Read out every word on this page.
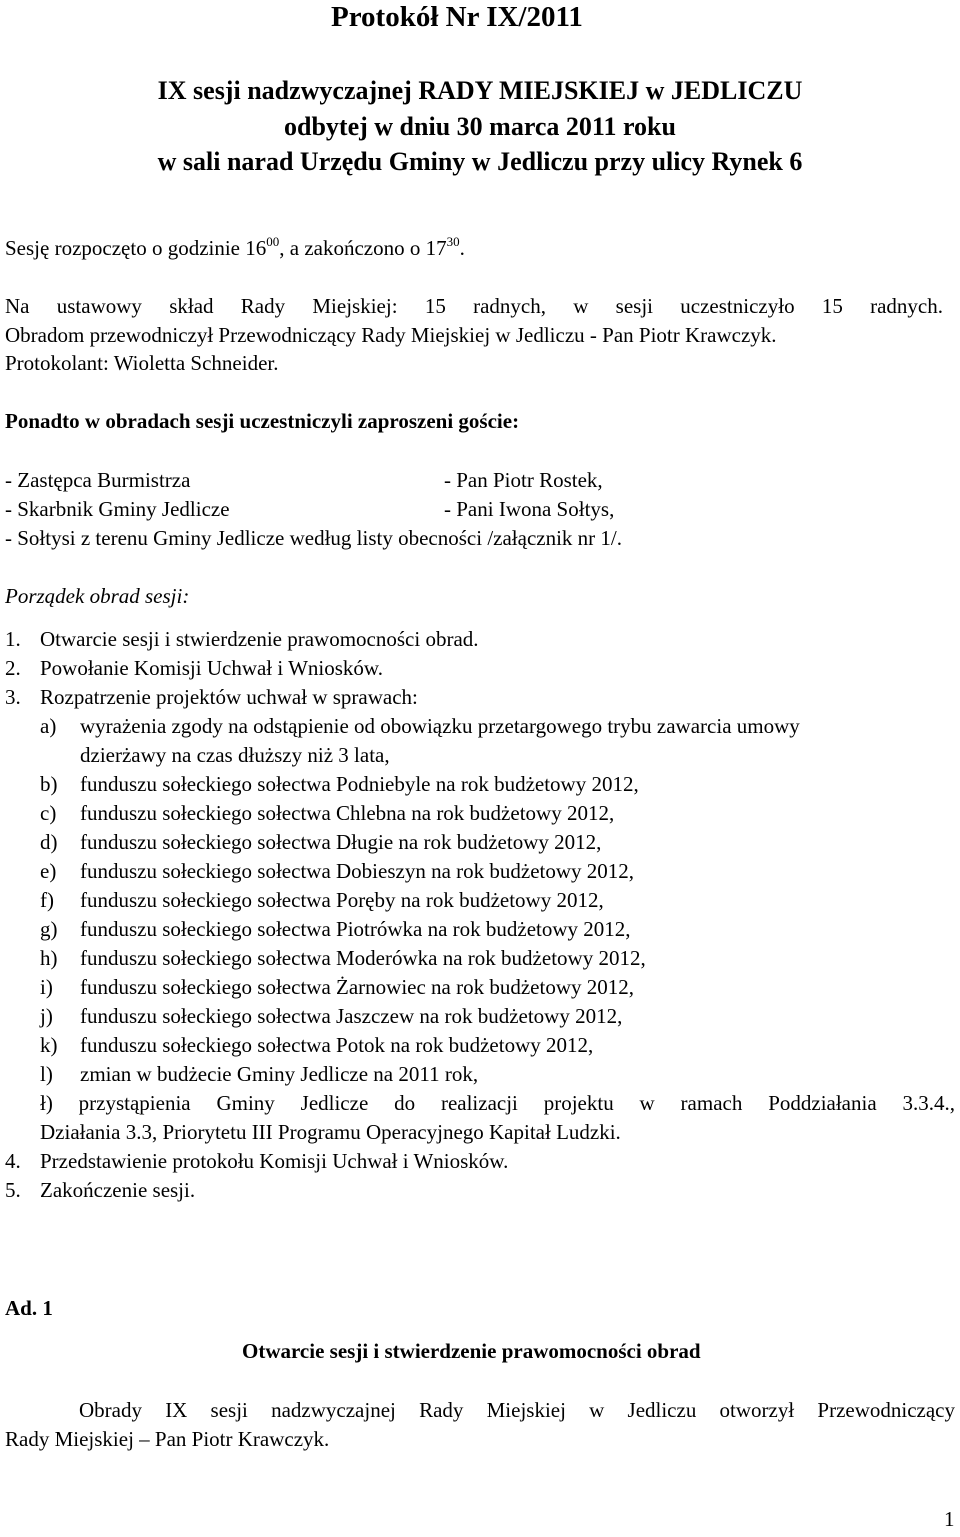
Protokół Nr IX/2011
IX sesji nadzwyczajnej RADY MIEJSKIEJ w JEDLICZU
odbytej w dniu 30 marca 2011 roku
w sali narad Urzędu Gminy w Jedliczu przy ulicy Rynek 6
Sesję rozpoczęto o godzinie $16^{00}$, a zakończono o $17^{30}$.
Na ustawowy skład Rady Miejskiej: 15 radnych, w sesji uczestniczyło 15 radnych.
Obradom przewodniczył Przewodniczący Rady Miejskiej w Jedliczu - Pan Piotr Krawczyk.
Protokolant: Wioletta Schneider.
Ponadto w obradach sesji uczestniczyli zaproszeni goście:
- Zastępca Burmistrza	- Pan Piotr Rostek,
- Skarbnik Gminy Jedlicze	- Pani Iwona Sołtys,
- Sołtysi z terenu Gminy Jedlicze według listy obecności /załącznik nr 1/.
Porządek obrad sesji:
1. Otwarcie sesji i stwierdzenie prawomocności obrad.
2. Powołanie Komisji Uchwał i Wniosków.
3. Rozpatrzenie projektów uchwał w sprawach:
a) wyrażenia zgody na odstąpienie od obowiązku przetargowego trybu zawarcia umowy
dzierżawy na czas dłuższy niż 3 lata,
b) funduszu sołeckiego sołectwa Podniebyle na rok budżetowy 2012,
c) funduszu sołeckiego sołectwa Chlebna na rok budżetowy 2012,
d) funduszu sołeckiego sołectwa Długie na rok budżetowy 2012,
e) funduszu sołeckiego sołectwa Dobieszyn na rok budżetowy 2012,
f) funduszu sołeckiego sołectwa Poręby na rok budżetowy 2012,
g) funduszu sołeckiego sołectwa Piotrówka na rok budżetowy 2012,
h) funduszu sołeckiego sołectwa Moderówka na rok budżetowy 2012,
i) funduszu sołeckiego sołectwa Żarnowiec na rok budżetowy 2012,
j) funduszu sołeckiego sołectwa Jaszczew na rok budżetowy 2012,
k) funduszu sołeckiego sołectwa Potok na rok budżetowy 2012,
l) zmian w budżecie Gminy Jedlicze na 2011 rok,
ł) przystąpienia Gminy Jedlicze do realizacji projektu w ramach Poddziałania 3.3.4.,
Działania 3.3, Priorytetu III Programu Operacyjnego Kapitał Ludzki.
4. Przedstawienie protokołu Komisji Uchwał i Wniosków.
5. Zakończenie sesji.
Ad. 1
Otwarcie sesji i stwierdzenie prawomocności obrad
Obrady IX sesji nadzwyczajnej Rady Miejskiej w Jedliczu otworzył Przewodniczący
Rady Miejskiej – Pan Piotr Krawczyk.
1
